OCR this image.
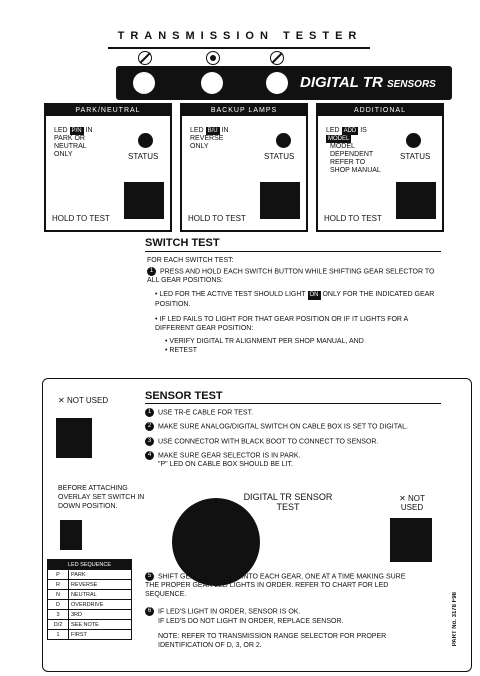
TRANSMISSION TESTER
DIGITAL TR SENSORS
PARK/NEUTRAL
LED P/N IN
PARK OR
NEUTRAL
ONLY	STATUS
HOLD TO TEST
BACKUP LAMPS
LED B/U IN
REVERSE
ONLY
STATUS
HOLD TO TEST
ADDITIONAL
LED ADD IS
MODEL
MODEL
DEPENDENT
REFER TO
SHOP MANUAL
STATUS
HOLD TO TEST
SWITCH TEST
FOR EACH SWITCH TEST:
1 PRESS AND HOLD EACH SWITCH BUTTON WHILE SHIFTING GEAR SELECTOR TO ALL GEAR POSITIONS:
• LED FOR THE ACTIVE TEST SHOULD LIGHT ON ONLY FOR THE INDICATED GEAR POSITION.
• IF LED FAILS TO LIGHT FOR THAT GEAR POSITION OR IF IT LIGHTS FOR A DIFFERENT GEAR POSITION:
• VERIFY DIGITAL TR ALIGNMENT PER SHOP MANUAL, AND
• RETEST
✕ NOT USED	SENSOR TEST
1 USE TR-E CABLE FOR TEST.
2 MAKE SURE ANALOG/DIGITAL SWITCH ON CABLE BOX IS SET TO DIGITAL.
3 USE CONNECTOR WITH BLACK BOOT TO CONNECT TO SENSOR.
4 MAKE SURE GEAR SELECTOR IS IN PARK.
"P" LED ON CABLE BOX SHOULD BE LIT.
BEFORE ATTACHING OVERLAY SET SWITCH IN DOWN POSITION.
DIGITAL TR SENSOR TEST
✕ NOT USED
LED SEQUENCE	
P	PARK
R	REVERSE
N	NEUTRAL
D	OVERDRIVE
3	3RD
D/2	SEE NOTE
1	FIRST
5 SHIFT GEAR SELECTOR INTO EACH GEAR, ONE AT A TIME MAKING SURE THE PROPER GEAR LED LIGHTS IN ORDER. REFER TO CHART FOR LED SEQUENCE.
6 IF LED'S LIGHT IN ORDER, SENSOR IS OK.
IF LED'S DO NOT LIGHT IN ORDER, REPLACE SENSOR.
NOTE: REFER TO TRANSMISSION RANGE SELECTOR FOR PROPER IDENTIFICATION OF D, 3, OR 2.	PART No. 3178 F98
